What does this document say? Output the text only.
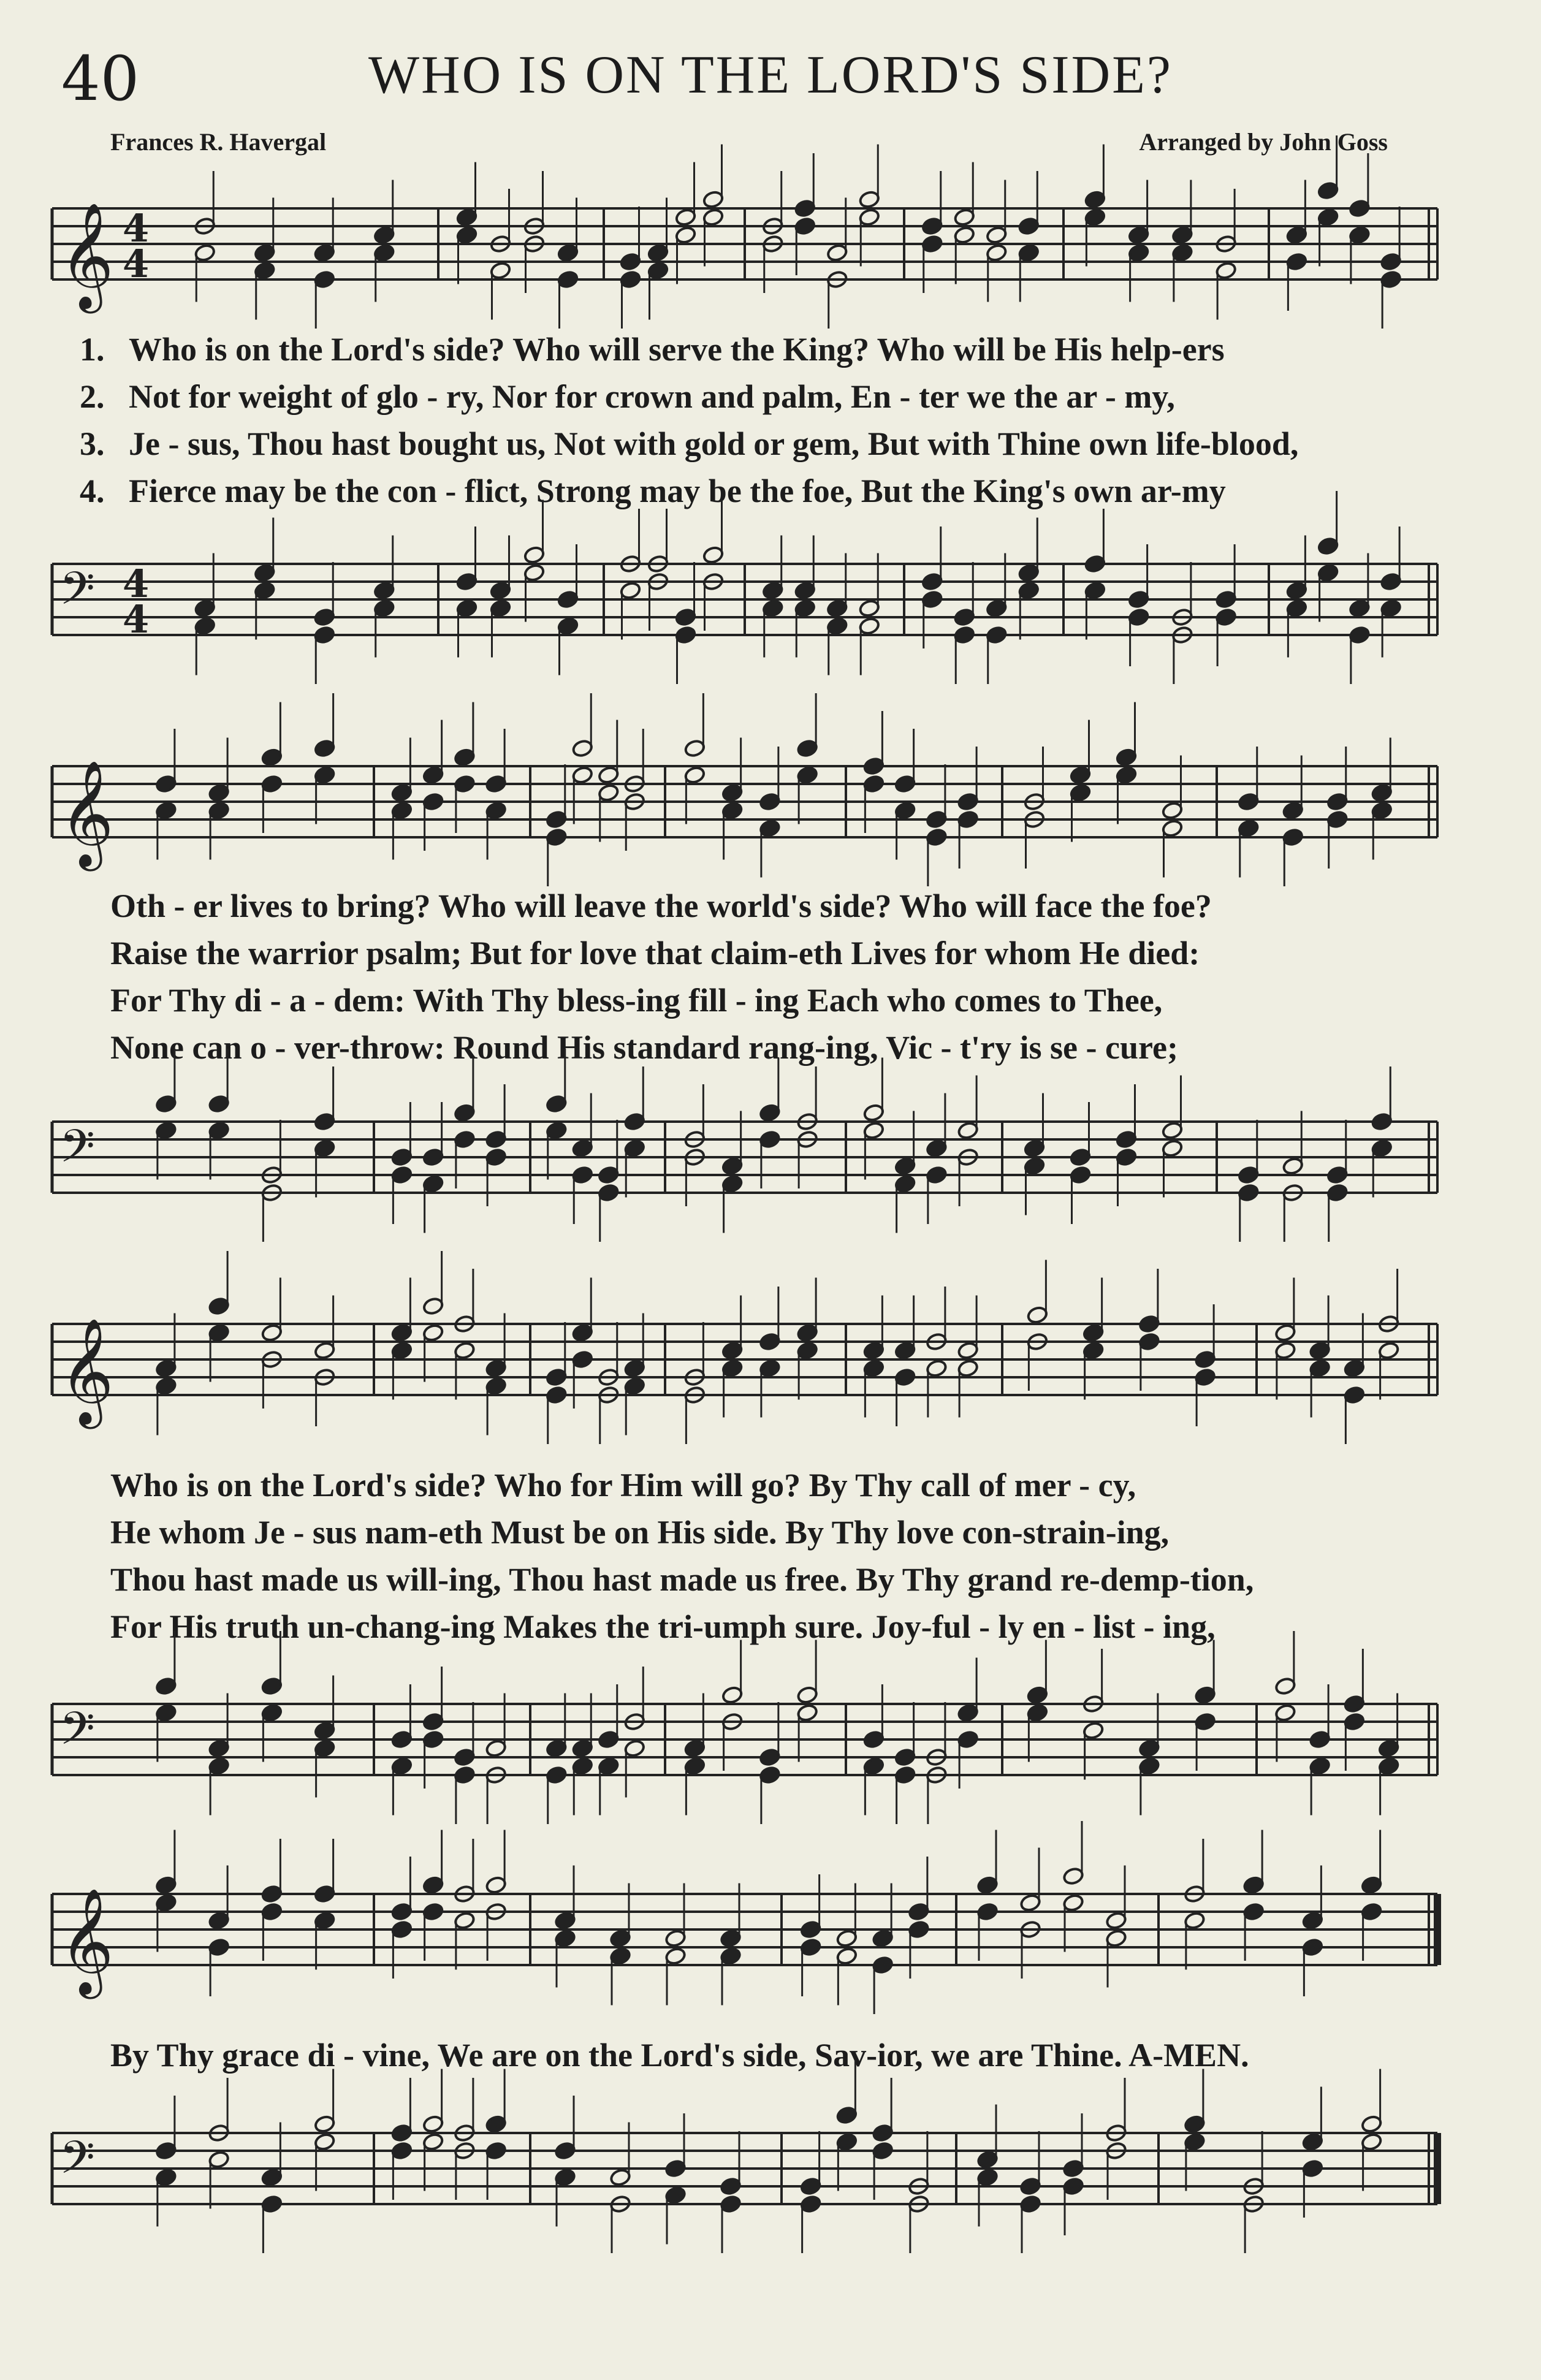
40	WHO IS ON THE LORD'S SIDE?
Frances R. Havergal	Arranged by John Goss
𝄞 4
4
1. Who is on the Lord's side? Who will serve the King? Who will be His help-ers
2. Not for weight of glo - ry, Nor for crown and palm, En - ter we the ar - my,
3. Je - sus, Thou hast bought us, Not with gold or gem, But with Thine own life-blood,
4. Fierce may be the con - flict, Strong may be the foe, But the King's own ar-my
𝄢 4
4
𝄞
Oth - er lives to bring? Who will leave the world's side? Who will face the foe?
Raise the warrior psalm; But for love that claim-eth Lives for whom He died:
For Thy di - a - dem: With Thy bless-ing fill - ing Each who comes to Thee,
None can o - ver-throw: Round His standard rang-ing, Vic - t'ry is se - cure;
𝄢
𝄞
Who is on the Lord's side? Who for Him will go? By Thy call of mer - cy,
He whom Je - sus nam-eth Must be on His side. By Thy love con-strain-ing,
Thou hast made us will-ing, Thou hast made us free. By Thy grand re-demp-tion,
For His truth un-chang-ing Makes the tri-umph sure. Joy-ful - ly en - list - ing,
𝄢
𝄞
By Thy grace di - vine, We are on the Lord's side, Sav-ior, we are Thine. A-MEN.
𝄢
